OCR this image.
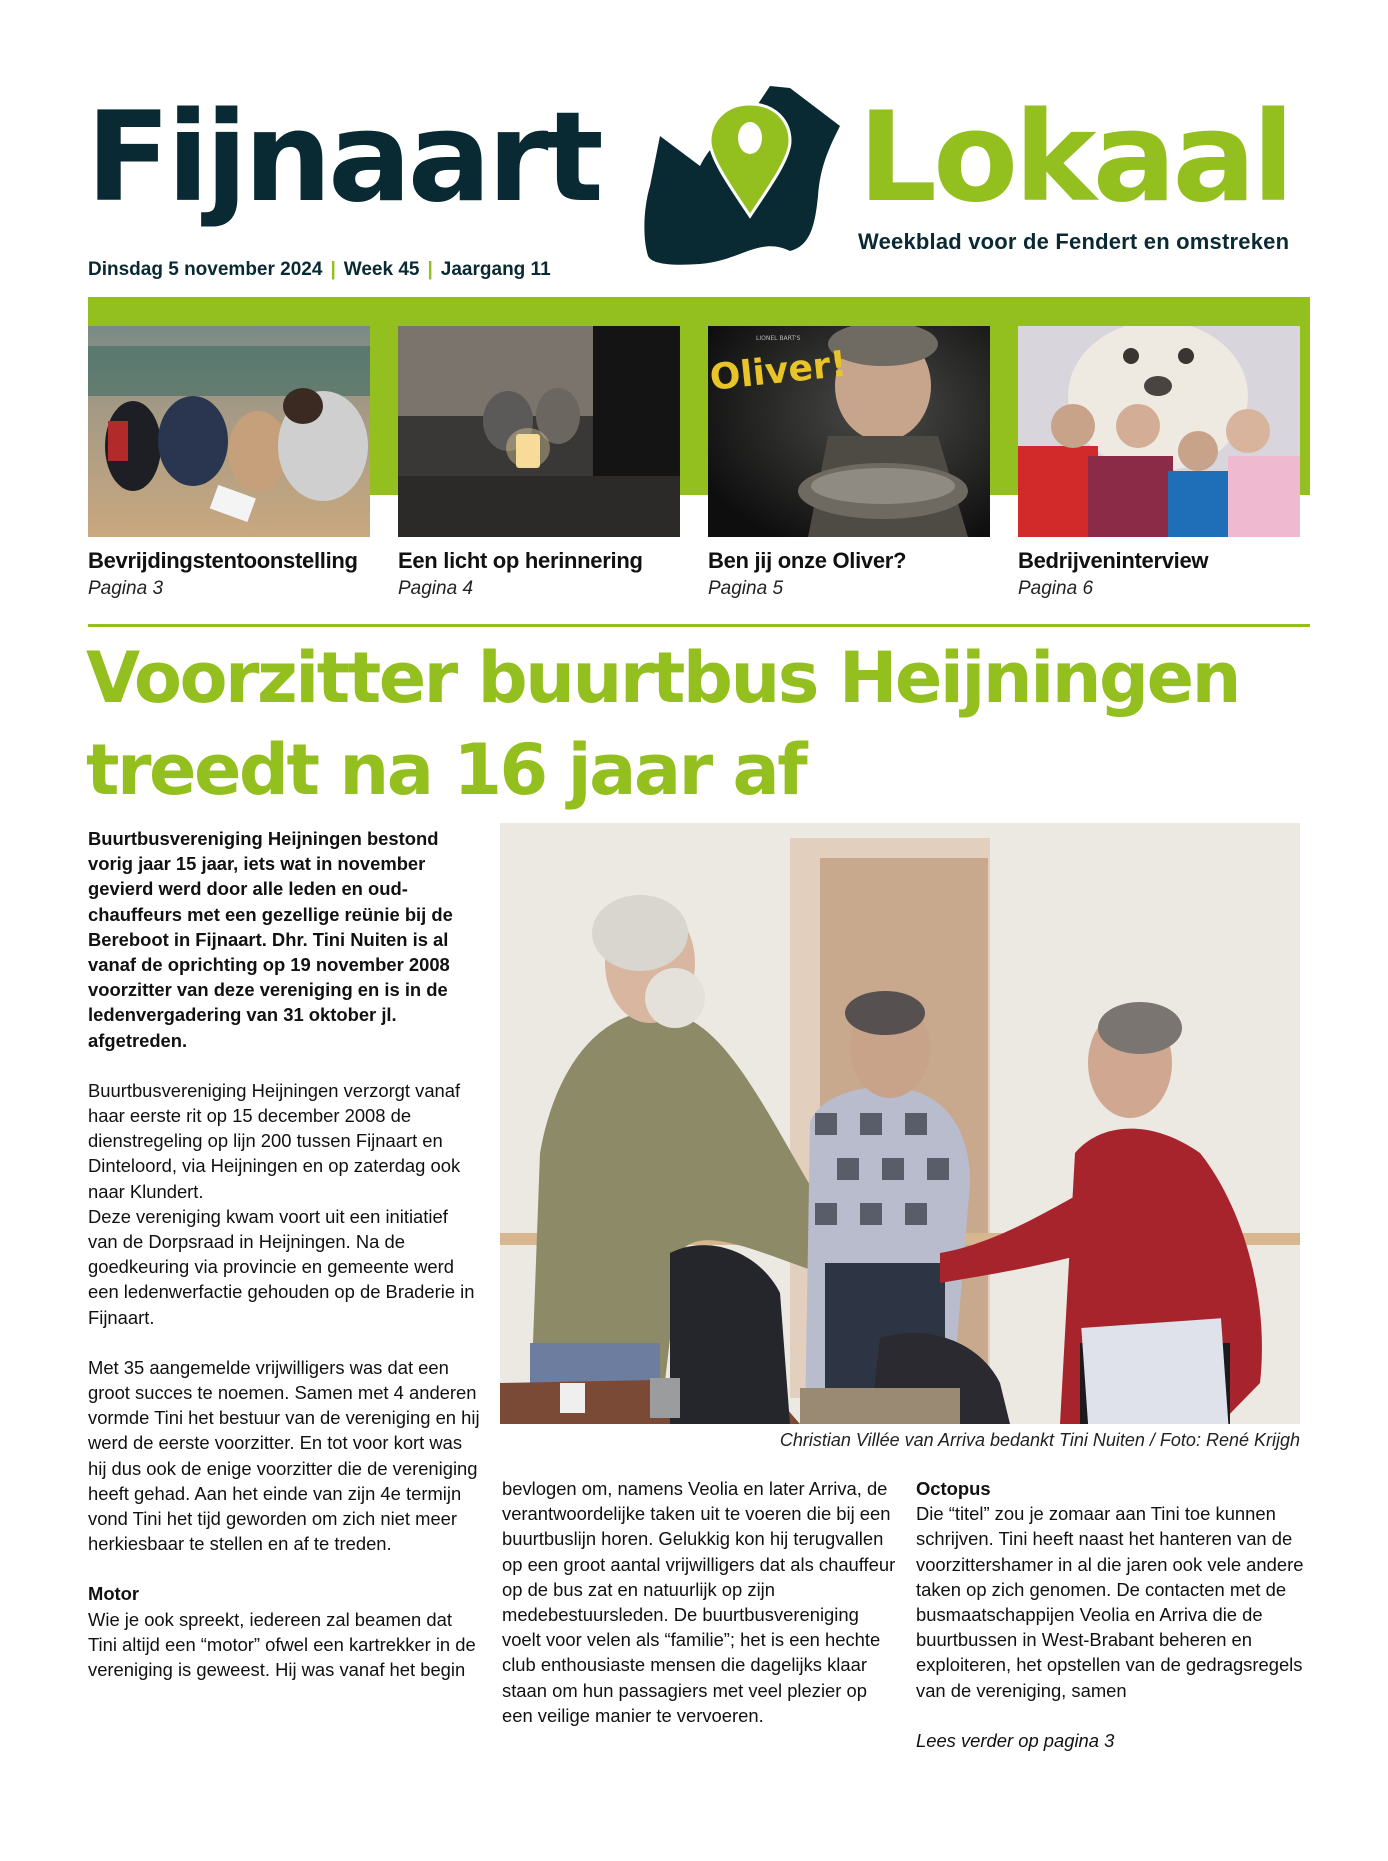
Fijnaart Lokaal
Weekblad voor de Fendert en omstreken
Dinsdag 5 november 2024 | Week 45 | Jaargang 11
Oliver!
LIONEL BART'S
Bevrijdingstentoonstelling
Pagina 3
Een licht op herinnering
Pagina 4
Ben jij onze Oliver?
Pagina 5
Bedrijveninterview
Pagina 6
Voorzitter buurtbus Heijningen
treedt na 16 jaar af

Buurtbusvereniging Heijningen bestond vorig jaar 15 jaar, iets wat in november gevierd werd door alle leden en oud-chauffeurs met een gezellige reünie bij de Bereboot in Fijnaart. Dhr. Tini Nuiten is al vanaf de oprichting op 19 november 2008 voorzitter van deze vereniging en is in de ledenvergadering van 31 oktober jl. afgetreden.

Buurtbusvereniging Heijningen verzorgt vanaf haar eerste rit op 15 december 2008 de dienstregeling op lijn 200 tussen Fijnaart en Dinteloord, via Heijningen en op zaterdag ook naar Klundert.
Deze vereniging kwam voort uit een initiatief van de Dorpsraad in Heijningen. Na de goedkeuring via provincie en gemeente werd een ledenwerfactie gehouden op de Braderie in Fijnaart.

Met 35 aangemelde vrijwilligers was dat een groot succes te noemen. Samen met 4 anderen vormde Tini het bestuur van de vereniging en hij werd de eerste voorzitter. En tot voor kort was hij dus ook de enige voorzitter die de vereniging heeft gehad. Aan het einde van zijn 4e termijn vond Tini het tijd geworden om zich niet meer herkiesbaar te stellen en af te treden.

Motor

Wie je ook spreekt, iedereen zal beamen dat Tini altijd een “motor” ofwel een kartrekker in de vereniging is geweest. Hij was vanaf het begin

Christian Villée van Arriva bedankt Tini Nuiten / Foto: René Krijgh

bevlogen om, namens Veolia en later Arriva, de verantwoordelijke taken uit te voeren die bij een buurtbuslijn horen. Gelukkig kon hij terugvallen op een groot aantal vrijwilligers dat als chauffeur op de bus zat en natuurlijk op zijn medebestuursleden. De buurtbusvereniging voelt voor velen als “familie”; het is een hechte club enthousiaste mensen die dagelijks klaar staan om hun passagiers met veel plezier op een veilige manier te vervoeren.

Octopus

Die “titel” zou je zomaar aan Tini toe kunnen schrijven. Tini heeft naast het hanteren van de voorzittershamer in al die jaren ook vele andere taken op zich genomen. De contacten met de busmaatschappijen Veolia en Arriva die de buurtbussen in West-Brabant beheren en exploiteren, het opstellen van de gedragsregels van de vereniging, samen

Lees verder op pagina 3
